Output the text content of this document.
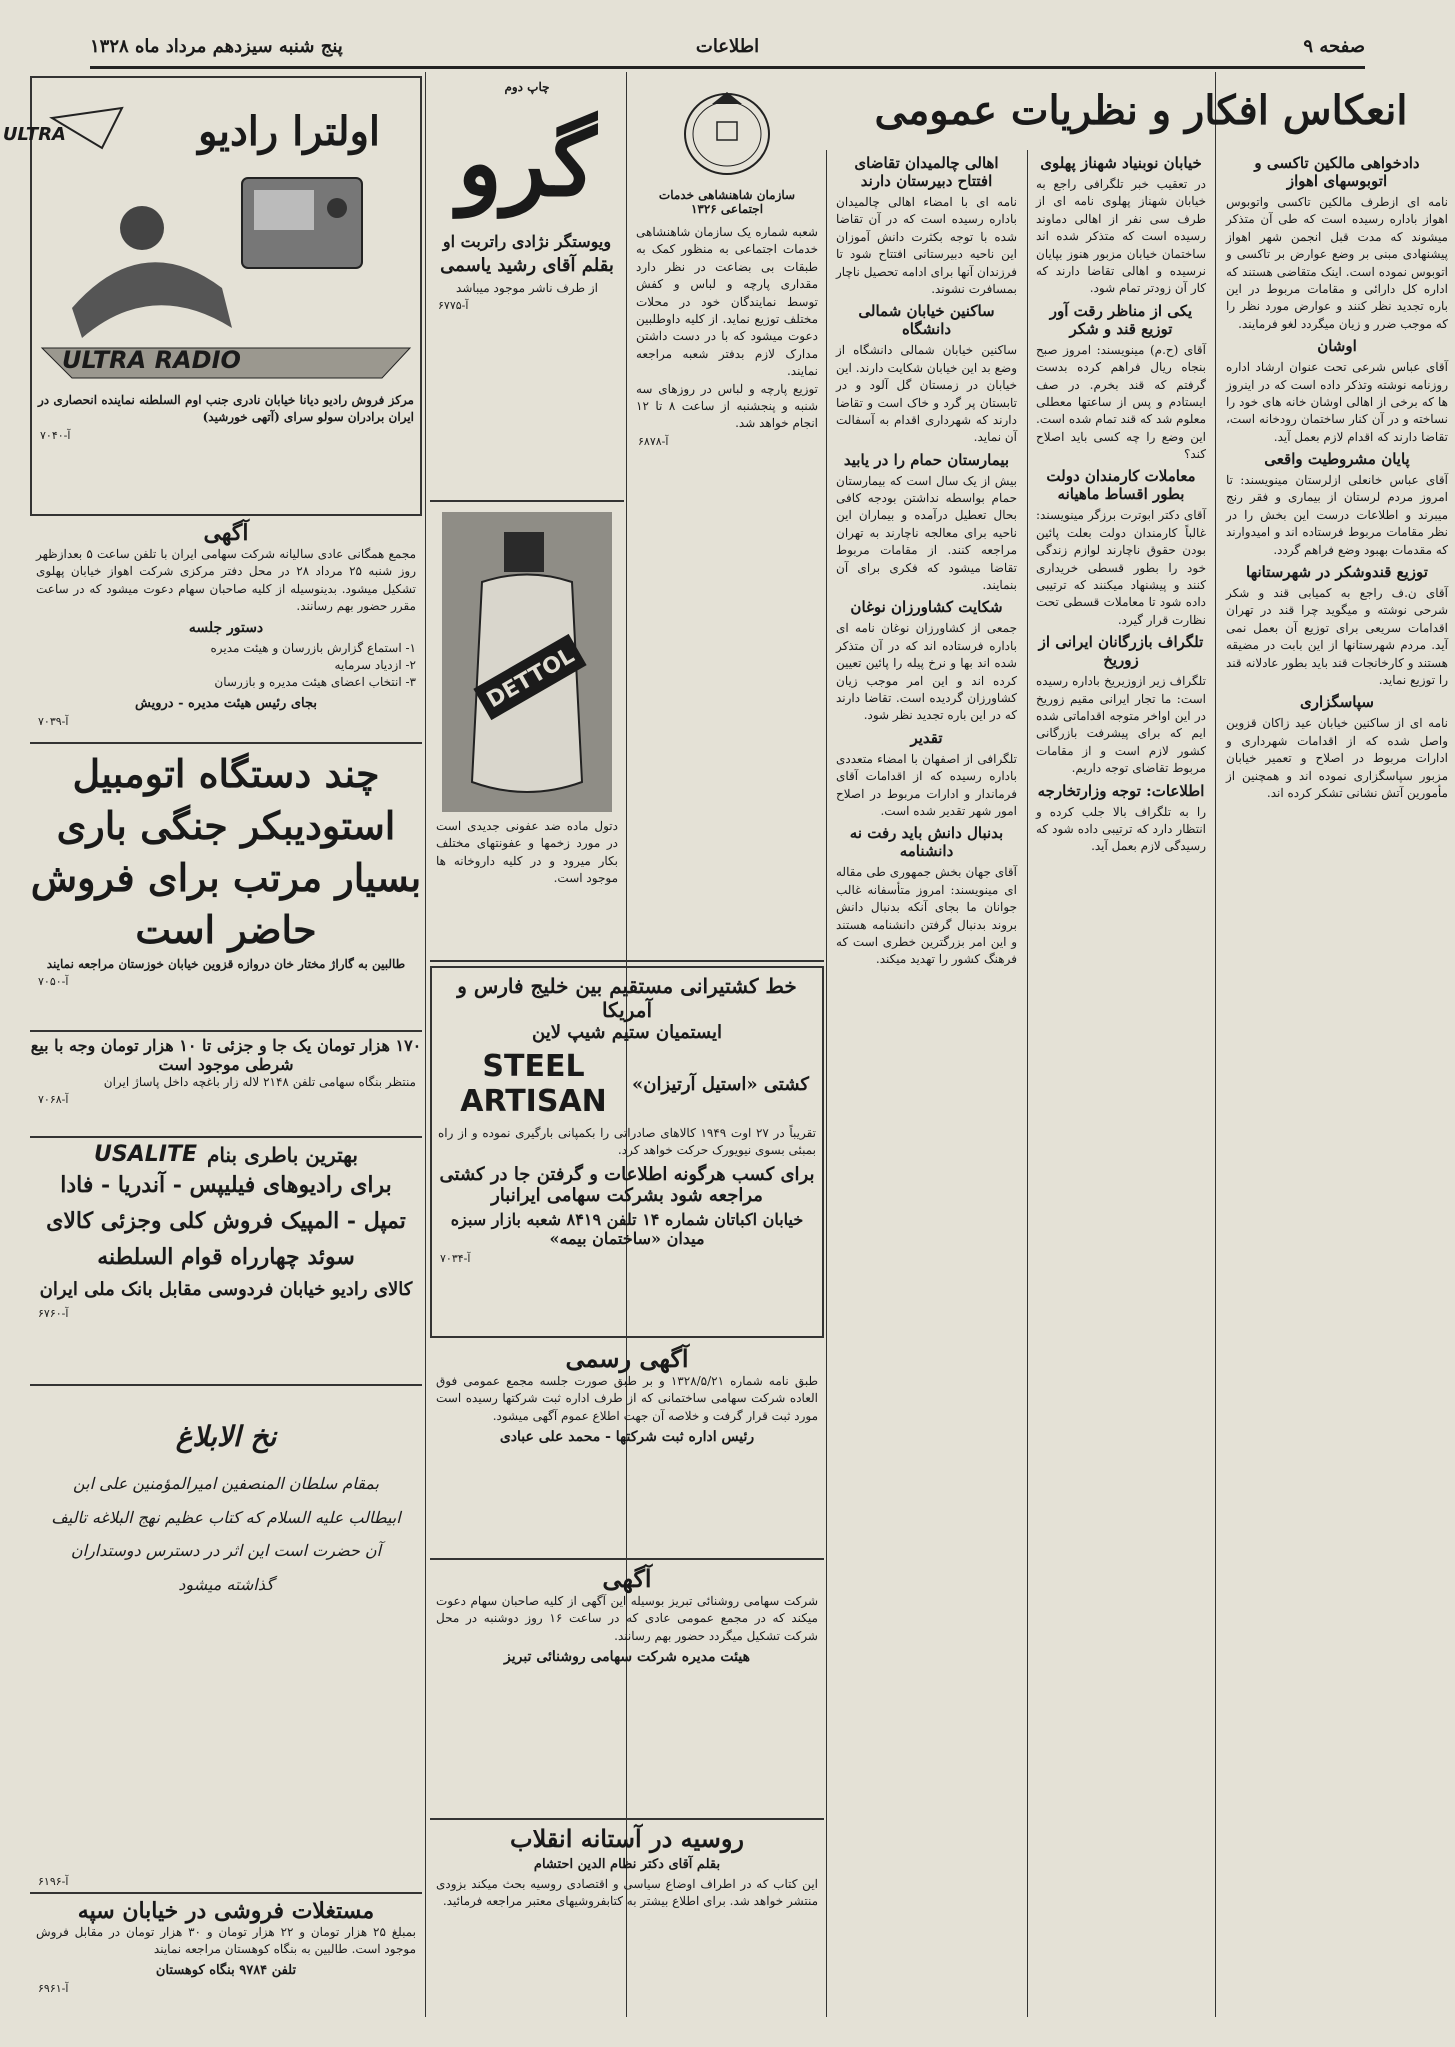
صفحه ۹
اطلاعات
پنج شنبه سیزدهم مرداد ماه ۱۳۲۸
انعکاس افکار و نظریات عمومی
دادخواهی مالکین تاکسی و اتوبوسهای اهواز
نامه ای ازطرف مالکین تاکسی واتوبوس اهواز باداره رسیده است که طی آن متذکر میشوند که مدت قبل انجمن شهر اهواز پیشنهادی مبنی بر وضع عوارض بر تاکسی و اتوبوس نموده است. اینک متقاضی هستند که اداره کل دارائی و مقامات مربوط در این باره تجدید نظر کنند و عوارض مورد نظر را که موجب ضرر و زیان میگردد لغو فرمایند.
اوشان
آقای عباس شرعی تحت عنوان ارشاد اداره روزنامه نوشته وتذکر داده است که در اینروز ها که برخی از اهالی اوشان خانه های خود را نساخته و در آن کنار ساختمان رودخانه است، تقاضا دارند که اقدام لازم بعمل آید.
پایان مشروطیت واقعی
آقای عباس خانعلی ازلرستان مینویسند: تا امروز مردم لرستان از بیماری و فقر رنج میبرند و اطلاعات درست این بخش را در نظر مقامات مربوط فرستاده اند و امیدوارند که مقدمات بهبود وضع فراهم گردد.
توزیع قندوشکر در شهرستانها
آقای ن.ف راجع به کمیابی قند و شکر شرحی نوشته و میگوید چرا قند در تهران اقدامات سریعی برای توزیع آن بعمل نمی آید. مردم شهرستانها از این بابت در مضیقه هستند و کارخانجات قند باید بطور عادلانه قند را توزیع نماید.
سپاسگزاری
نامه ای از ساکنین خیابان عید زاکان قزوین واصل شده که از اقدامات شهرداری و ادارات مربوط در اصلاح و تعمیر خیابان مزبور سپاسگزاری نموده اند و همچنین از مأمورین آتش نشانی تشکر کرده اند.
خیابان نوبنیاد شهناز پهلوی
در تعقیب خبر تلگرافی راجع به خیابان شهناز پهلوی نامه ای از طرف سی نفر از اهالی دماوند رسیده است که متذکر شده اند ساختمان خیابان مزبور هنوز بپایان نرسیده و اهالی تقاضا دارند که کار آن زودتر تمام شود.
یکی از مناظر رقت آور توزیع قند و شکر
آقای (ح.م) مینویسند: امروز صبح بنجاه ریال فراهم کرده بدست گرفتم که قند بخرم. در صف ایستادم و پس از ساعتها معطلی معلوم شد که قند تمام شده است. این وضع را چه کسی باید اصلاح کند؟
معاملات کارمندان دولت بطور اقساط ماهیانه
آقای دکتر ابوترت برزگر مینویسند: غالباً کارمندان دولت بعلت پائین بودن حقوق ناچارند لوازم زندگی خود را بطور قسطی خریداری کنند و پیشنهاد میکنند که ترتیبی داده شود تا معاملات قسطی تحت نظارت قرار گیرد.
تلگراف بازرگانان ایرانی از زوریخ
تلگراف زیر ازوزیریخ باداره رسیده است: ما تجار ایرانی مقیم زوریخ در این اواخر متوجه اقداماتی شده ایم که برای پیشرفت بازرگانی کشور لازم است و از مقامات مربوط تقاضای توجه داریم.
اطلاعات: توجه وزارتخارجه
را به تلگراف بالا جلب کرده و انتظار دارد که ترتیبی داده شود که رسیدگی لازم بعمل آید.
اهالی چالمیدان تقاضای افتتاح دبیرستان دارند
نامه ای با امضاء اهالی چالمیدان باداره رسیده است که در آن تقاضا شده با توجه بکثرت دانش آموزان این ناحیه دبیرستانی افتتاح شود تا فرزندان آنها برای ادامه تحصیل ناچار بمسافرت نشوند.
ساکنین خیابان شمالی دانشگاه
ساکنین خیابان شمالی دانشگاه از وضع بد این خیابان شکایت دارند. این خیابان در زمستان گل آلود و در تابستان پر گرد و خاک است و تقاضا دارند که شهرداری اقدام به آسفالت آن نماید.
بیمارستان حمام را در یابید
بیش از یک سال است که بیمارستان حمام بواسطه نداشتن بودجه کافی بحال تعطیل درآمده و بیماران این ناحیه برای معالجه ناچارند به تهران مراجعه کنند. از مقامات مربوط تقاضا میشود که فکری برای آن بنمایند.
شکایت کشاورزان نوغان
جمعی از کشاورزان نوغان نامه ای باداره فرستاده اند که در آن متذکر شده اند بها و نرخ پیله را پائین تعیین کرده اند و این امر موجب زیان کشاورزان گردیده است. تقاضا دارند که در این باره تجدید نظر شود.
تقدیر
تلگرافی از اصفهان با امضاء متعددی باداره رسیده که از اقدامات آقای فرماندار و ادارات مربوط در اصلاح امور شهر تقدیر شده است.
بدنبال دانش باید رفت نه دانشنامه
آقای جهان بخش جمهوری طی مقاله ای مینویسند: امروز متأسفانه غالب جوانان ما بجای آنکه بدنبال دانش بروند بدنبال گرفتن دانشنامه هستند و این امر بزرگترین خطری است که فرهنگ کشور را تهدید میکند.
سازمان شاهنشاهی خدمات اجتماعی ۱۳۲۶
شعبه شماره یک سازمان شاهنشاهی خدمات اجتماعی به منظور کمک به طبقات بی بضاعت در نظر دارد مقداری پارچه و لباس و کفش توسط نمایندگان خود در محلات مختلف توزیع نماید. از کلیه داوطلبین دعوت میشود که با در دست داشتن مدارک لازم بدفتر شعبه مراجعه نمایند.
توزیع پارچه و لباس در روزهای سه شنبه و پنجشنبه از ساعت ۸ تا ۱۲ انجام خواهد شد.
آ-۶۸۷۸
چاپ دوم
گرو
ویوستگر نژادی راتربت او
بقلم آقای رشید یاسمی
از طرف ناشر موجود میباشد
آ-۶۷۷۵
DETTOL
دتول ماده ضد عفونی جدیدی است در مورد زخمها و عفونتهای مختلف بکار میرود و در کلیه داروخانه ها موجود است.
خط کشتیرانی مستقیم بین خلیج فارس و آمریکا
ایستمیان ستیم شیپ لاین
کشتی «استیل آرتیزان»
STEEL
ARTISAN
تقریباً در ۲۷ اوت ۱۹۴۹ کالاهای صادراتی را بکمپانی بارگیری نموده و از راه بمبئی بسوی نیویورک حرکت خواهد کرد.
برای کسب هرگونه اطلاعات و گرفتن جا در کشتی مراجعه شود بشرکت سهامی ایرانبار
خیابان اکباتان شماره ۱۴ تلفن ۸۴۱۹ شعبه بازار سبزه میدان «ساختمان بیمه»
آ-۷۰۳۴
آگهی رسمی
طبق نامه شماره ۱۳۲۸/۵/۲۱ و بر طبق صورت جلسه مجمع عمومی فوق العاده شرکت سهامی ساختمانی که از طرف اداره ثبت شرکتها رسیده است مورد ثبت قرار گرفت و خلاصه آن جهت اطلاع عموم آگهی میشود.
رئیس اداره ثبت شرکتها - محمد علی عبادی
آگهی
شرکت سهامی روشنائی تبریز بوسیله این آگهی از کلیه صاحبان سهام دعوت میکند که در مجمع عمومی عادی که در ساعت ۱۶ روز دوشنبه در محل شرکت تشکیل میگردد حضور بهم رسانند.
هیئت مدیره شرکت سهامی روشنائی تبریز
روسیه در آستانه انقلاب
بقلم آقای دکتر نظام الدین احتشام
این کتاب که در اطراف اوضاع سیاسی و اقتصادی روسیه بحث میکند بزودی منتشر خواهد شد. برای اطلاع بیشتر به کتابفروشیهای معتبر مراجعه فرمائید.
ULTRA	اولترا رادیو
ULTRA RADIO
مرکز فروش رادیو دیانا خیابان نادری جنب اوم السلطنه نماینده انحصاری در ایران برادران سولو سرای (آتهی خورشید)
آ-۷۰۴۰
آگهی
مجمع همگانی عادی سالیانه شرکت سهامی ایران با تلفن ساعت ۵ بعدازظهر روز شنبه ۲۵ مرداد ۲۸ در محل دفتر مرکزی شرکت اهواز خیابان پهلوی تشکیل میشود. بدینوسیله از کلیه صاحبان سهام دعوت میشود که در ساعت مقرر حضور بهم رسانند.
دستور جلسه
۱- استماع گزارش بازرسان و هیئت مدیره
۲- ازدیاد سرمایه
۳- انتخاب اعضای هیئت مدیره و بازرسان
بجای رئیس هیئت مدیره - درویش
آ-۷۰۳۹
چند دستگاه اتومبیل
استودیبکر جنگی باری
بسیار مرتب برای فروش
حاضر است
طالبین به گاراژ مختار خان دروازه قزوین خیابان خوزستان مراجعه نمایند
آ-۷۰۵۰
۱۷۰ هزار تومان یک جا و جزئی تا ۱۰ هزار تومان وجه با بیع شرطی موجود است
منتظر بنگاه سهامی تلفن ۲۱۴۸ لاله زار باغچه داخل پاساژ ایران
آ-۷۰۶۸
بهترین باطری بنام
USALITE
برای رادیوهای فیلیپس - آندریا - فادا
تمپل - المپیک فروش کلی وجزئی کالای
سوئد چهارراه قوام السلطنه
کالای رادیو خیابان فردوسی مقابل بانک ملی ایران
آ-۶۷۶۰
نخ الابلاغ
بمقام سلطان المنصفین امیرالمؤمنین علی ابن ابیطالب علیه السلام که کتاب عظیم نهج البلاغه تالیف آن حضرت است این اثر در دسترس دوستداران گذاشته میشود
آ-۶۱۹۶
مستغلات فروشی در خیابان سپه
بمبلغ ۲۵ هزار تومان و ۲۲ هزار تومان و ۳۰ هزار تومان در مقابل فروش موجود است. طالبین به بنگاه کوهستان مراجعه نمایند
تلفن ۹۷۸۴ بنگاه کوهستان
آ-۶۹۶۱
